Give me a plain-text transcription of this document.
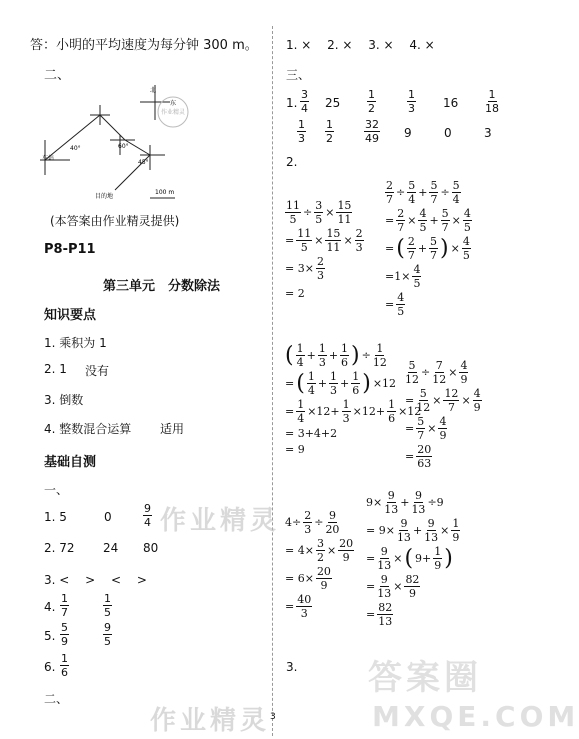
答：小明的平均速度为每分钟 300 m。
二、
北
东
40°	60°
45°
车站
目的地
100 m
作业精灵
(本答案由作业精灵提供)
P8-P11
第三单元　分数除法
知识要点
1. 乘积为 1
2. 1 没有
3. 倒数
4. 整数混合运算 适用
基础自测
一、
1. 5	0	$\frac{9}{4}$
2. 72 24 80
3. <　 >　 <　 >
4. $\frac{1}{7}$	$\frac{1}{5}$
5. $\frac{5}{9}$	$\frac{9}{5}$
6. $\frac{1}{6}$
二、
作业精灵
作业精灵
1. ×　 2. ×　 3. ×　 4. ×
三、
1. $\frac{3}{4} 25 \frac{1}{2}$	$\frac{1}{3} 16 \frac{1}{18}$
$\frac{1}{3} \frac{1}{2}$	$\frac{32}{49} 9$	0	3
2.
$\frac{11}{5} \div \frac{3}{5} \times \frac{15}{11}$
= $\frac{11}{5} \times \frac{15}{11} \times \frac{2}{3}$
= $3\times \frac{2}{3}$
= 2
$\frac{2}{7} \div \frac{5}{4} + \frac{5}{7} \div \frac{5}{4}$
= $\frac{2}{7} \times \frac{4}{5} + \frac{5}{7} \times \frac{4}{5}$
= ( $\frac{2}{7} + \frac{5}{7}$ ) × $\frac{4}{5}$
$=1\times \frac{4}{5}$
= $\frac{4}{5}$
( $\frac{1}{4} + \frac{1}{3} + \frac{1}{6}$ ) ÷ $\frac{1}{12}$
= ( $\frac{1}{4} + \frac{1}{3} + \frac{1}{6}$ ) ×12
= $\frac{1}{4} \times 12+ \frac{1}{3} \times 12+ \frac{1}{6} \times 12$
= 3+4+2
= 9
$\frac{5}{12} \div \frac{7}{12} \times \frac{4}{9}$
= $\frac{5}{12} \times \frac{12}{7} \times \frac{4}{9}$
= $\frac{5}{7} \times \frac{4}{9}$
= $\frac{20}{63}$
$4\div \frac{2}{3} \div \frac{9}{20}$
= $4\times \frac{3}{2} \times \frac{20}{9}$
= $6\times \frac{20}{9}$
= $\frac{40}{3}$
$9\times \frac{9}{13} + \frac{9}{13} \div 9$
= $9\times \frac{9}{13} + \frac{9}{13} \times \frac{1}{9}$
= $\frac{9}{13}$ × ( $9+ \frac{1}{9}$ )
= $\frac{9}{13} \times \frac{82}{9}$
= $\frac{82}{13}$
3.
3
答案圈
MXQE.COM
